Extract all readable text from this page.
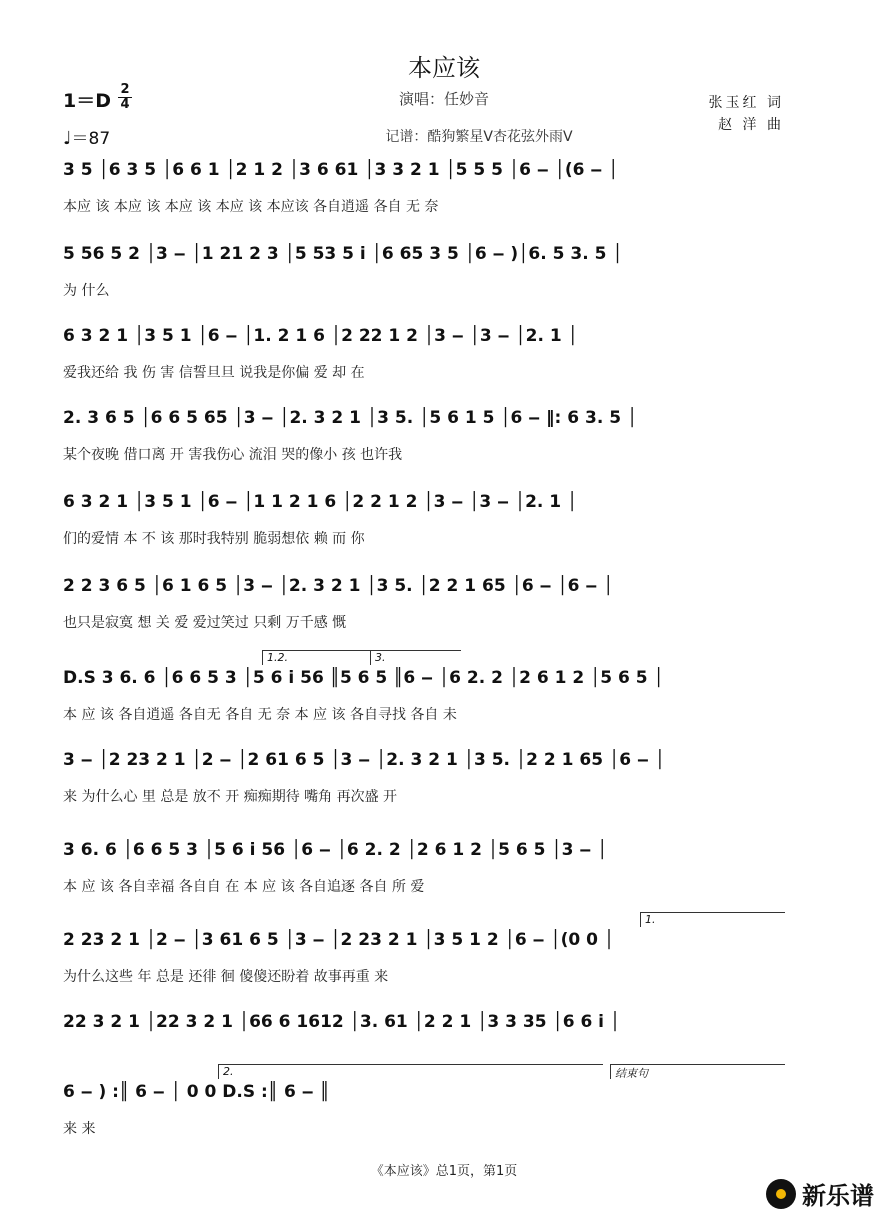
本应该
1＝D
2
4
♩＝87
演唱：任妙音
记谱：酷狗繁星V杏花弦外雨V
张玉红 词
赵 洋 曲
3 5 │6 3 5 │6 6 1 │2 1 2 │3 6 61 │3 3 2 1 │5 5 5 │6 ‒ │(6 ‒ │
本应 该 本应 该 本应 该 本应 该 本应该 各自逍遥 各自 无 奈
5 56 5 2 │3 ‒ │1 21 2 3 │5 53 5 i │6 65 3 5 │6 ‒ )│6. 5 3. 5 │
为 什么
6 3 2 1 │3 5 1 │6 ‒ │1. 2 1 6 │2 22 1 2 │3 ‒ │3 ‒ │2. 1 │
爱我还给 我 伤 害 信誓旦旦 说我是你偏 爱 却 在
2. 3 6 5 │6 6 5 65 │3 ‒ │2. 3 2 1 │3 5. │5 6 1 5 │6 ‒ ‖: 6 3. 5 │
某个夜晚 借口离 开 害我伤心 流泪 哭的像小 孩 也许我
6 3 2 1 │3 5 1 │6 ‒ │1 1 2 1 6 │2 2 1 2 │3 ‒ │3 ‒ │2. 1 │
们的爱情 本 不 该 那时我特别 脆弱想依 赖 而 你
2 2 3 6 5 │6 1 6 5 │3 ‒ │2. 3 2 1 │3 5. │2 2 1 65 │6 ‒ │6 ‒ │
也只是寂寞 想 关 爱 爱过笑过 只剩 万千感 慨
D.S 3 6. 6 │6 6 5 3 │5 6 i 56 ║5 6 5 ║6 ‒ │6 2. 2 │2 6 1 2 │5 6 5 │
本 应 该 各自逍遥 各自无 各自 无 奈 本 应 该 各自寻找 各自 未
1.2.	3.
3 ‒ │2 23 2 1 │2 ‒ │2 61 6 5 │3 ‒ │2. 3 2 1 │3 5. │2 2 1 65 │6 ‒ │
来 为什么心 里 总是 放不 开 痴痴期待 嘴角 再次盛 开
3 6. 6 │6 6 5 3 │5 6 i 56 │6 ‒ │6 2. 2 │2 6 1 2 │5 6 5 │3 ‒ │
本 应 该 各自幸福 各自自 在 本 应 该 各自追逐 各自 所 爱
2 23 2 1 │2 ‒ │3 61 6 5 │3 ‒ │2 23 2 1 │3 5 1 2 │6 ‒ │(0 0 │
为什么这些 年 总是 还徘 徊 傻傻还盼着 故事再重 来
1.
22 3 2 1 │22 3 2 1 │66 6 1612 │3. 61 │2 2 1 │3 3 35 │6 6 i │
6 ‒ ) :║ 6 ‒ │ 0 0 D.S :║ 6 ‒ ║
来 来
2.	结束句
《本应该》总1页，第1页
新乐谱
